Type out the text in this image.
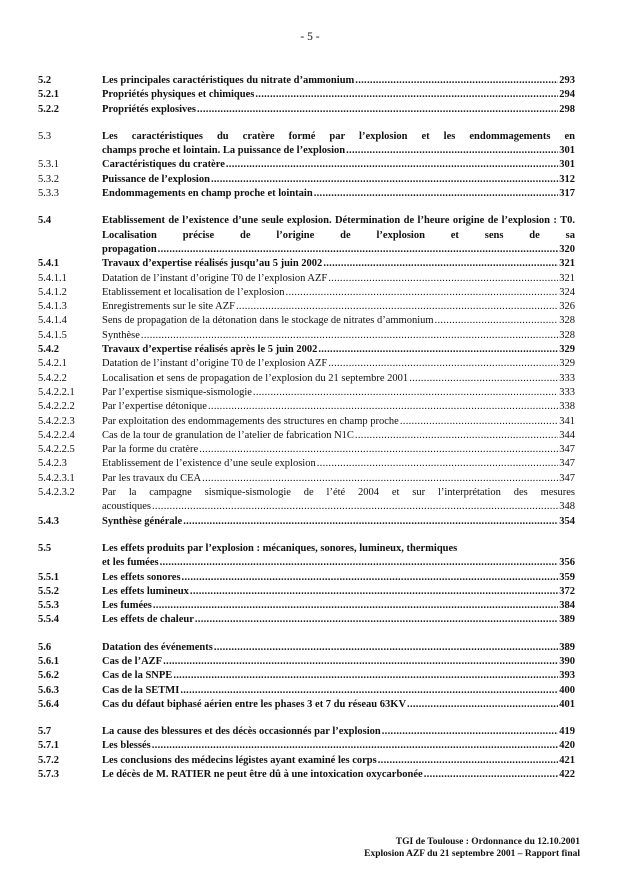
- 5 -
5.2	Les principales caractéristiques du nitrate d’ammonium .....	293
5.2.1	Propriétés physiques et chimiques .....	294
5.2.2	Propriétés explosives .....	298
5.3	Les caractéristiques du cratère formé par l’explosion et les endommagements en
champs proche et lointain. La puissance de l’explosion .....	301
5.3.1	Caractéristiques du cratère .....	301
5.3.2	Puissance de l’explosion .....	312
5.3.3	Endommagements en champ proche et lointain .....	317
5.4	Etablissement de l’existence d’une seule explosion. Détermination de l’heure origine de l’explosion : T0. Localisation précise de l’origine de l’explosion et sens de sa
propagation .....	320
5.4.1	Travaux d’expertise réalisés jusqu’au 5 juin 2002 .....	321
5.4.1.1	Datation de l’instant d’origine T0 de l’explosion AZF .....	321
5.4.1.2	Etablissement et localisation de l’explosion .....	324
5.4.1.3	Enregistrements sur le site AZF .....	326
5.4.1.4	Sens de propagation de la détonation dans le stockage de nitrates d’ammonium .....	328
5.4.1.5	Synthèse .....	328
5.4.2	Travaux d’expertise réalisés après le 5 juin 2002 .....	329
5.4.2.1	Datation de l’instant d’origine T0 de l’explosion AZF .....	329
5.4.2.2	Localisation et sens de propagation de l’explosion du 21 septembre 2001 .....	333
5.4.2.2.1	Par l’expertise sismique-sismologie .....	333
5.4.2.2.2	Par l’expertise détonique .....	338
5.4.2.2.3	Par exploitation des endommagements des structures en champ proche .....	341
5.4.2.2.4	Cas de la tour de granulation de l’atelier de fabrication N1C .....	344
5.4.2.2.5	Par la forme du cratère .....	347
5.4.2.3	Etablissement de l’existence d’une seule explosion .....	347
5.4.2.3.1	Par les travaux du CEA .....	347
5.4.2.3.2	Par la campagne sismique-sismologie de l’été 2004 et sur l’interprétation des mesures
acoustiques .....	348
5.4.3	Synthèse générale .....	354
5.5	Les effets produits par l’explosion : mécaniques, sonores, lumineux, thermiques
et les fumées .....	356
5.5.1	Les effets sonores .....	359
5.5.2	Les effets lumineux .....	372
5.5.3	Les fumées .....	384
5.5.4	Les effets de chaleur .....	389
5.6	Datation des événements .....	389
5.6.1	Cas de l’AZF .....	390
5.6.2	Cas de la SNPE .....	393
5.6.3	Cas de la SETMI .....	400
5.6.4	Cas du défaut biphasé aérien entre les phases 3 et 7 du réseau 63KV .....	401
5.7	La cause des blessures et des décès occasionnés par l’explosion .....	419
5.7.1	Les blessés .....	420
5.7.2	Les conclusions des médecins légistes ayant examiné les corps .....	421
5.7.3	Le décès de M. RATIER ne peut être dû à une intoxication oxycarbonée .....	422
TGI de Toulouse : Ordonnance du 12.10.2001
Explosion AZF du 21 septembre 2001 – Rapport final
